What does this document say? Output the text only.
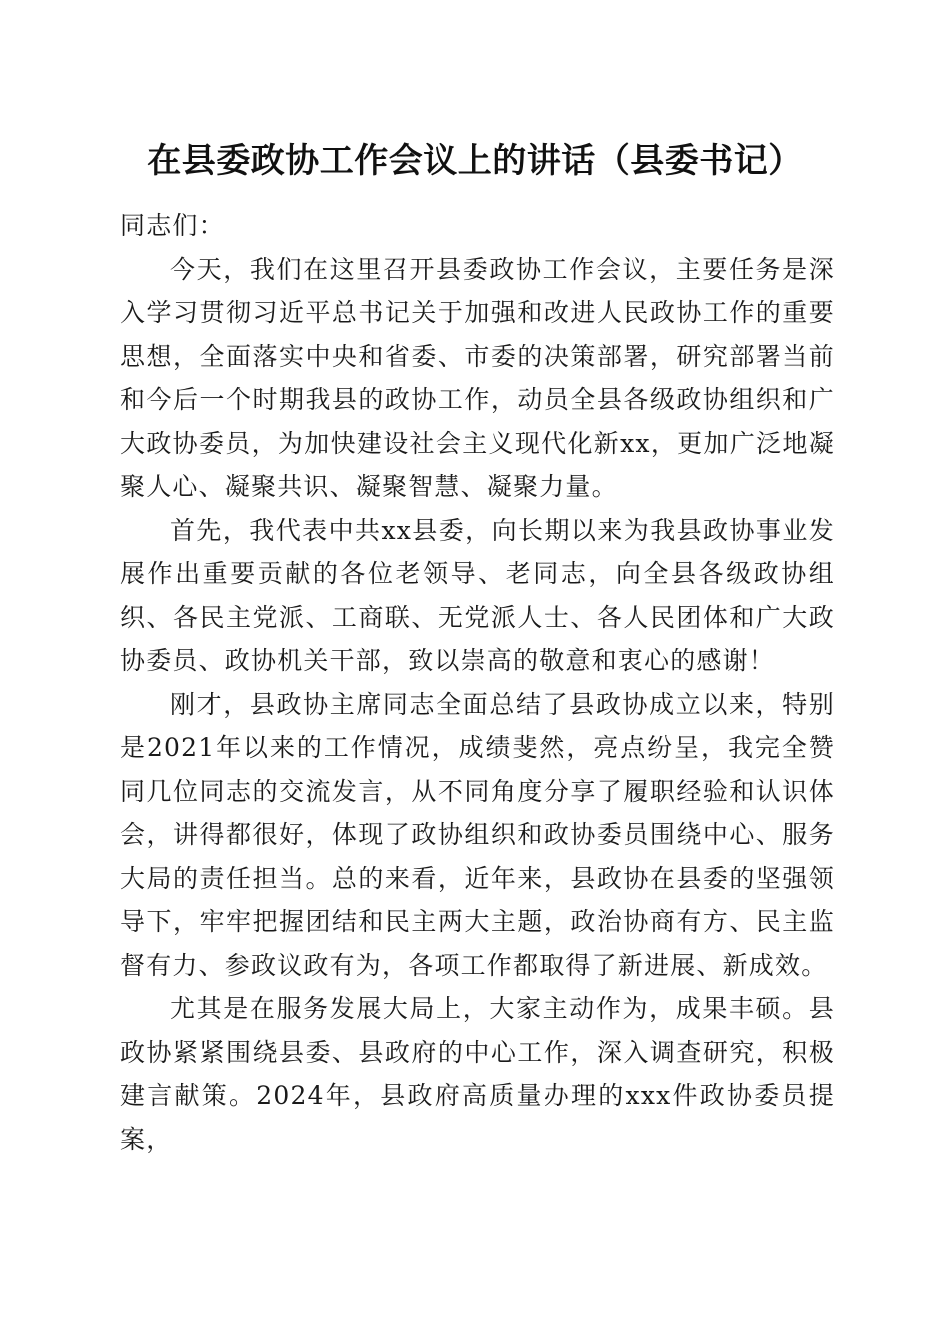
在县委政协工作会议上的讲话（县委书记）

同志们：

今天，我们在这里召开县委政协工作会议，主要任务是深入学习贯彻习近平总书记关于加强和改进人民政协工作的重要思想，全面落实中央和省委、市委的决策部署，研究部署当前和今后一个时期我县的政协工作，动员全县各级政协组织和广大政协委员，为加快建设社会主义现代化新xx，更加广泛地凝聚人心、凝聚共识、凝聚智慧、凝聚力量。

首先，我代表中共xx县委，向长期以来为我县政协事业发展作出重要贡献的各位老领导、老同志，向全县各级政协组织、各民主党派、工商联、无党派人士、各人民团体和广大政协委员、政协机关干部，致以崇高的敬意和衷心的感谢！

刚才，县政协主席同志全面总结了县政协成立以来，特别是2021年以来的工作情况，成绩斐然，亮点纷呈，我完全赞同几位同志的交流发言，从不同角度分享了履职经验和认识体会，讲得都很好，体现了政协组织和政协委员围绕中心、服务大局的责任担当。总的来看，近年来，县政协在县委的坚强领导下，牢牢把握团结和民主两大主题，政治协商有方、民主监督有力、参政议政有为，各项工作都取得了新进展、新成效。

尤其是在服务发展大局上，大家主动作为，成果丰硕。县政协紧紧围绕县委、县政府的中心工作，深入调查研究，积极建言献策。2024年，县政府高质量办理的xxx件政协委员提案，
